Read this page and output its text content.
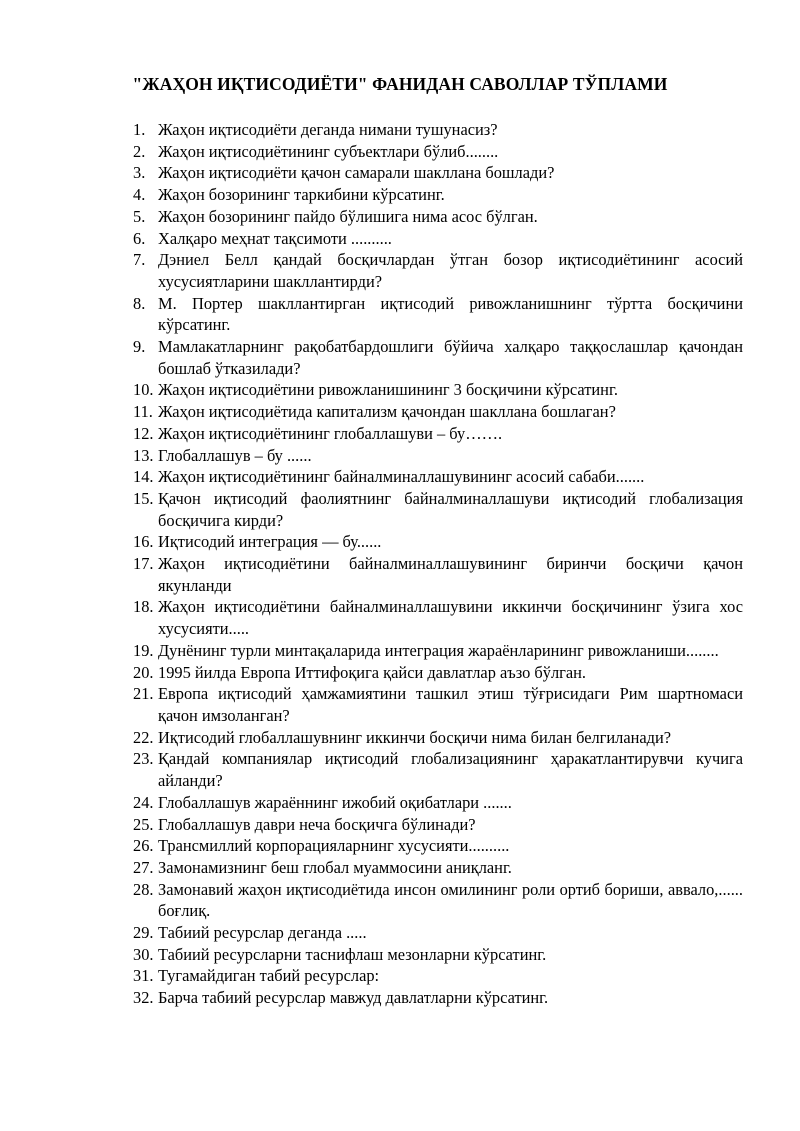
"ЖАҲОН ИҚТИСОДИЁТИ" ФАНИДАН САВОЛЛАР ТЎПЛАМИ
1. Жаҳон иқтисодиёти деганда нимани тушунасиз?
2. Жаҳон иқтисодиётининг субъектлари бўлиб........
3. Жаҳон иқтисодиёти қачон самарали шакллана бошлади?
4. Жаҳон бозорининг таркибини кўрсатинг.
5. Жаҳон бозорининг пайдо бўлишига нима асос бўлган.
6. Халқаро меҳнат тақсимоти ..........
7. Дэниел Белл қандай босқичлардан ўтган бозор иқтисодиётининг асосий хусусиятларини шакллантирди?
8. М. Портер шакллантирган иқтисодий ривожланишнинг тўртта босқичини кўрсатинг.
9. Мамлакатларнинг рақобатбардошлиги бўйича халқаро таққослашлар қачондан бошлаб ўтказилади?
10. Жаҳон иқтисодиётини ривожланишининг 3 босқичини кўрсатинг.
11. Жаҳон иқтисодиётида капитализм қачондан шаклланa бошлаган?
12. Жаҳон иқтисодиётининг глобаллашуви – бу…….
13. Глобаллашув – бу ......
14. Жаҳон иқтисодиётининг байналминаллашувининг асосий сабаби.......
15. Қачон иқтисодий фаолиятнинг байналминаллашуви иқтисодий глобализация босқичига кирди?
16. Иқтисодий интеграция — бу......
17. Жаҳон иқтисодиётини байналминаллашувининг биринчи босқичи қачон якунланди
18. Жаҳон иқтисодиётини байналминаллашувини иккинчи босқичининг ўзига хос хусусияти.....
19. Дунёнинг турли минтақаларида интеграция жараёнларининг ривожланиши........
20. 1995 йилда Европа Иттифоқига қайси давлатлар аъзо бўлган.
21. Европа иқтисодий ҳамжамиятини ташкил этиш тўғрисидаги Рим шартномаси қачон имзоланган?
22. Иқтисодий глобаллашувнинг иккинчи босқичи нима билан белгиланади?
23. Қандай компаниялар иқтисодий глобализациянинг ҳаракатлантирувчи кучига айланди?
24. Глобаллашув жараённинг ижобий оқибатлари .......
25. Глобаллашув даври неча босқичга бўлинади?
26. Трансмиллий корпорацияларнинг хусусияти..........
27. Замонамизнинг беш глобал муаммосини аниқланг.
28. Замонавий жаҳон иқтисодиётида инсон омилининг роли ортиб бориши, аввало,...... боғлиқ.
29. Табиий ресурслар деганда .....
30. Табиий ресурсларни таснифлаш мезонларни кўрсатинг.
31. Тугамайдиган табий ресурслар:
32. Барча табиий ресурслар мавжуд давлатларни кўрсатинг.
